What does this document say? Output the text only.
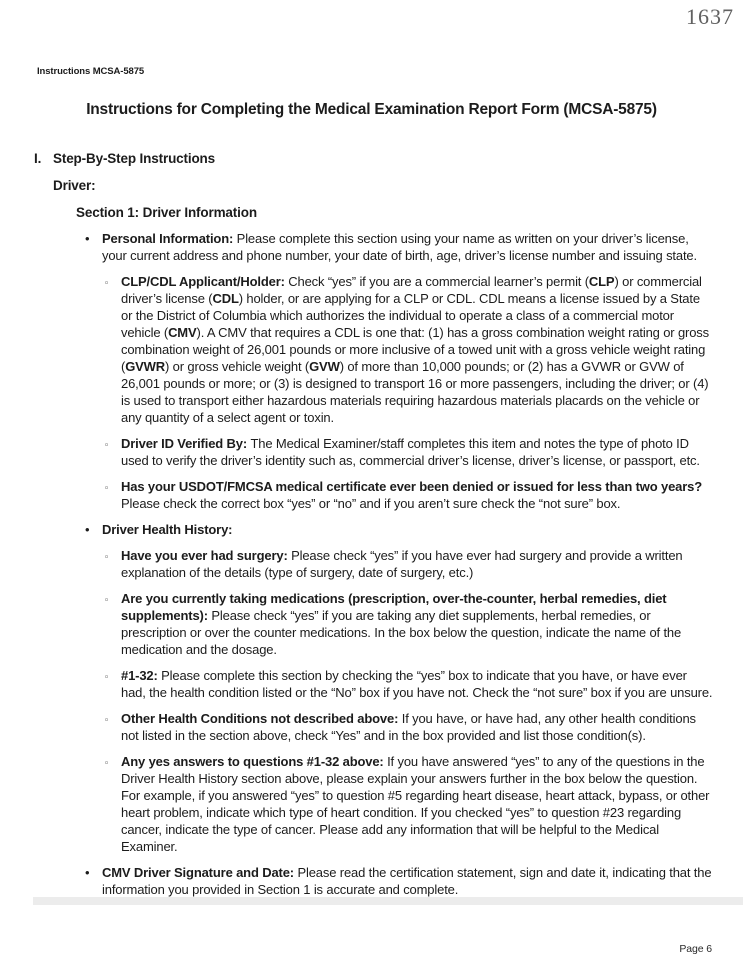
1637
Instructions MCSA-5875
Instructions for Completing the Medical Examination Report Form (MCSA-5875)
I. Step-By-Step Instructions
Driver:
Section 1: Driver Information
• Personal Information: Please complete this section using your name as written on your driver’s license, your current address and phone number, your date of birth, age, driver’s license number and issuing state.
◦ CLP/CDL Applicant/Holder: Check “yes” if you are a commercial learner’s permit (CLP) or commercial driver’s license (CDL) holder, or are applying for a CLP or CDL. CDL means a license issued by a State or the District of Columbia which authorizes the individual to operate a class of a commercial motor vehicle (CMV). A CMV that requires a CDL is one that: (1) has a gross combination weight rating or gross combination weight of 26,001 pounds or more inclusive of a towed unit with a gross vehicle weight rating (GVWR) or gross vehicle weight (GVW) of more than 10,000 pounds; or (2) has a GVWR or GVW of 26,001 pounds or more; or (3) is designed to transport 16 or more passengers, including the driver; or (4) is used to transport either hazardous materials requiring hazardous materials placards on the vehicle or any quantity of a select agent or toxin.
◦ Driver ID Verified By: The Medical Examiner/staff completes this item and notes the type of photo ID used to verify the driver’s identity such as, commercial driver’s license, driver’s license, or passport, etc.
◦ Has your USDOT/FMCSA medical certificate ever been denied or issued for less than two years? Please check the correct box “yes” or “no” and if you aren’t sure check the “not sure” box.
• Driver Health History:
◦ Have you ever had surgery: Please check “yes” if you have ever had surgery and provide a written explanation of the details (type of surgery, date of surgery, etc.)
◦ Are you currently taking medications (prescription, over-the-counter, herbal remedies, diet supplements): Please check “yes” if you are taking any diet supplements, herbal remedies, or prescription or over the counter medications. In the box below the question, indicate the name of the medication and the dosage.
◦ #1-32: Please complete this section by checking the “yes” box to indicate that you have, or have ever had, the health condition listed or the “No” box if you have not. Check the “not sure” box if you are unsure.
◦ Other Health Conditions not described above: If you have, or have had, any other health conditions not listed in the section above, check “Yes” and in the box provided and list those condition(s).
◦ Any yes answers to questions #1-32 above: If you have answered “yes” to any of the questions in the Driver Health History section above, please explain your answers further in the box below the question. For example, if you answered “yes” to question #5 regarding heart disease, heart attack, bypass, or other heart problem, indicate which type of heart condition. If you checked “yes” to question #23 regarding cancer, indicate the type of cancer. Please add any information that will be helpful to the Medical Examiner.
• CMV Driver Signature and Date: Please read the certification statement, sign and date it, indicating that the information you provided in Section 1 is accurate and complete.
Page 6
